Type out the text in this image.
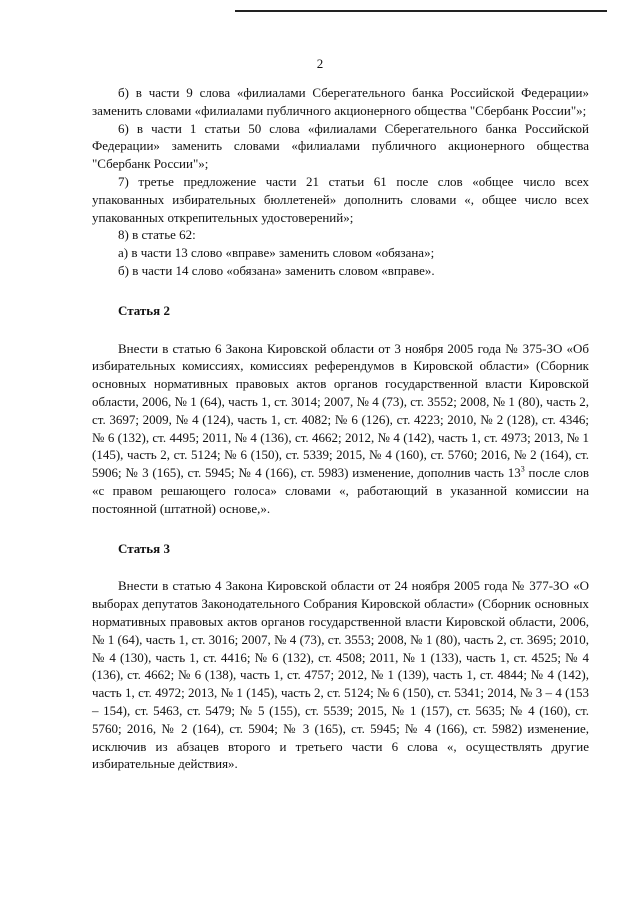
2

б) в части 9 слова «филиалами Сберегательного банка Российской Федерации» заменить словами «филиалами публичного акционерного общества "Сбербанк России"»;

6) в части 1 статьи 50 слова «филиалами Сберегательного банка Российской Федерации» заменить словами «филиалами публичного акционерного общества "Сбербанк России"»;

7) третье предложение части 21 статьи 61 после слов «общее число всех упакованных избирательных бюллетеней» дополнить словами «, общее число всех упакованных открепительных удостоверений»;

8) в статье 62:

а) в части 13 слово «вправе» заменить словом «обязана»;

б) в части 14 слово «обязана» заменить словом «вправе».

Статья 2

Внести в статью 6 Закона Кировской области от 3 ноября 2005 года № 375-ЗО «Об избирательных комиссиях, комиссиях референдумов в Кировской области» (Сборник основных нормативных правовых актов органов государственной власти Кировской области, 2006, № 1 (64), часть 1, ст. 3014; 2007, № 4 (73), ст. 3552; 2008, № 1 (80), часть 2, ст. 3697; 2009, № 4 (124), часть 1, ст. 4082; № 6 (126), ст. 4223; 2010, № 2 (128), ст. 4346; № 6 (132), ст. 4495; 2011, № 4 (136), ст. 4662; 2012, № 4 (142), часть 1, ст. 4973; 2013, № 1 (145), часть 2, ст. 5124; № 6 (150), ст. 5339; 2015, № 4 (160), ст. 5760; 2016, № 2 (164), ст. 5906; № 3 (165), ст. 5945; № 4 (166), ст. 5983) изменение, дополнив часть $13^3$ после слов «с правом решающего голоса» словами «, работающий в указанной комиссии на постоянной (штатной) основе,».

Статья 3

Внести в статью 4 Закона Кировской области от 24 ноября 2005 года № 377-ЗО «О выборах депутатов Законодательного Собрания Кировской области» (Сборник основных нормативных правовых актов органов государственной власти Кировской области, 2006, № 1 (64), часть 1, ст. 3016; 2007, № 4 (73), ст. 3553; 2008, № 1 (80), часть 2, ст. 3695; 2010, № 4 (130), часть 1, ст. 4416; № 6 (132), ст. 4508; 2011, № 1 (133), часть 1, ст. 4525; № 4 (136), ст. 4662; № 6 (138), часть 1, ст. 4757; 2012, № 1 (139), часть 1, ст. 4844; № 4 (142), часть 1, ст. 4972; 2013, № 1 (145), часть 2, ст. 5124; № 6 (150), ст. 5341; 2014, № 3 – 4 (153 – 154), ст. 5463, ст. 5479; № 5 (155), ст. 5539; 2015, № 1 (157), ст. 5635; № 4 (160), ст. 5760; 2016, № 2 (164), ст. 5904; № 3 (165), ст. 5945; № 4 (166), ст. 5982) изменение, исключив из абзацев второго и третьего части 6 слова «, осуществлять другие избирательные действия».
